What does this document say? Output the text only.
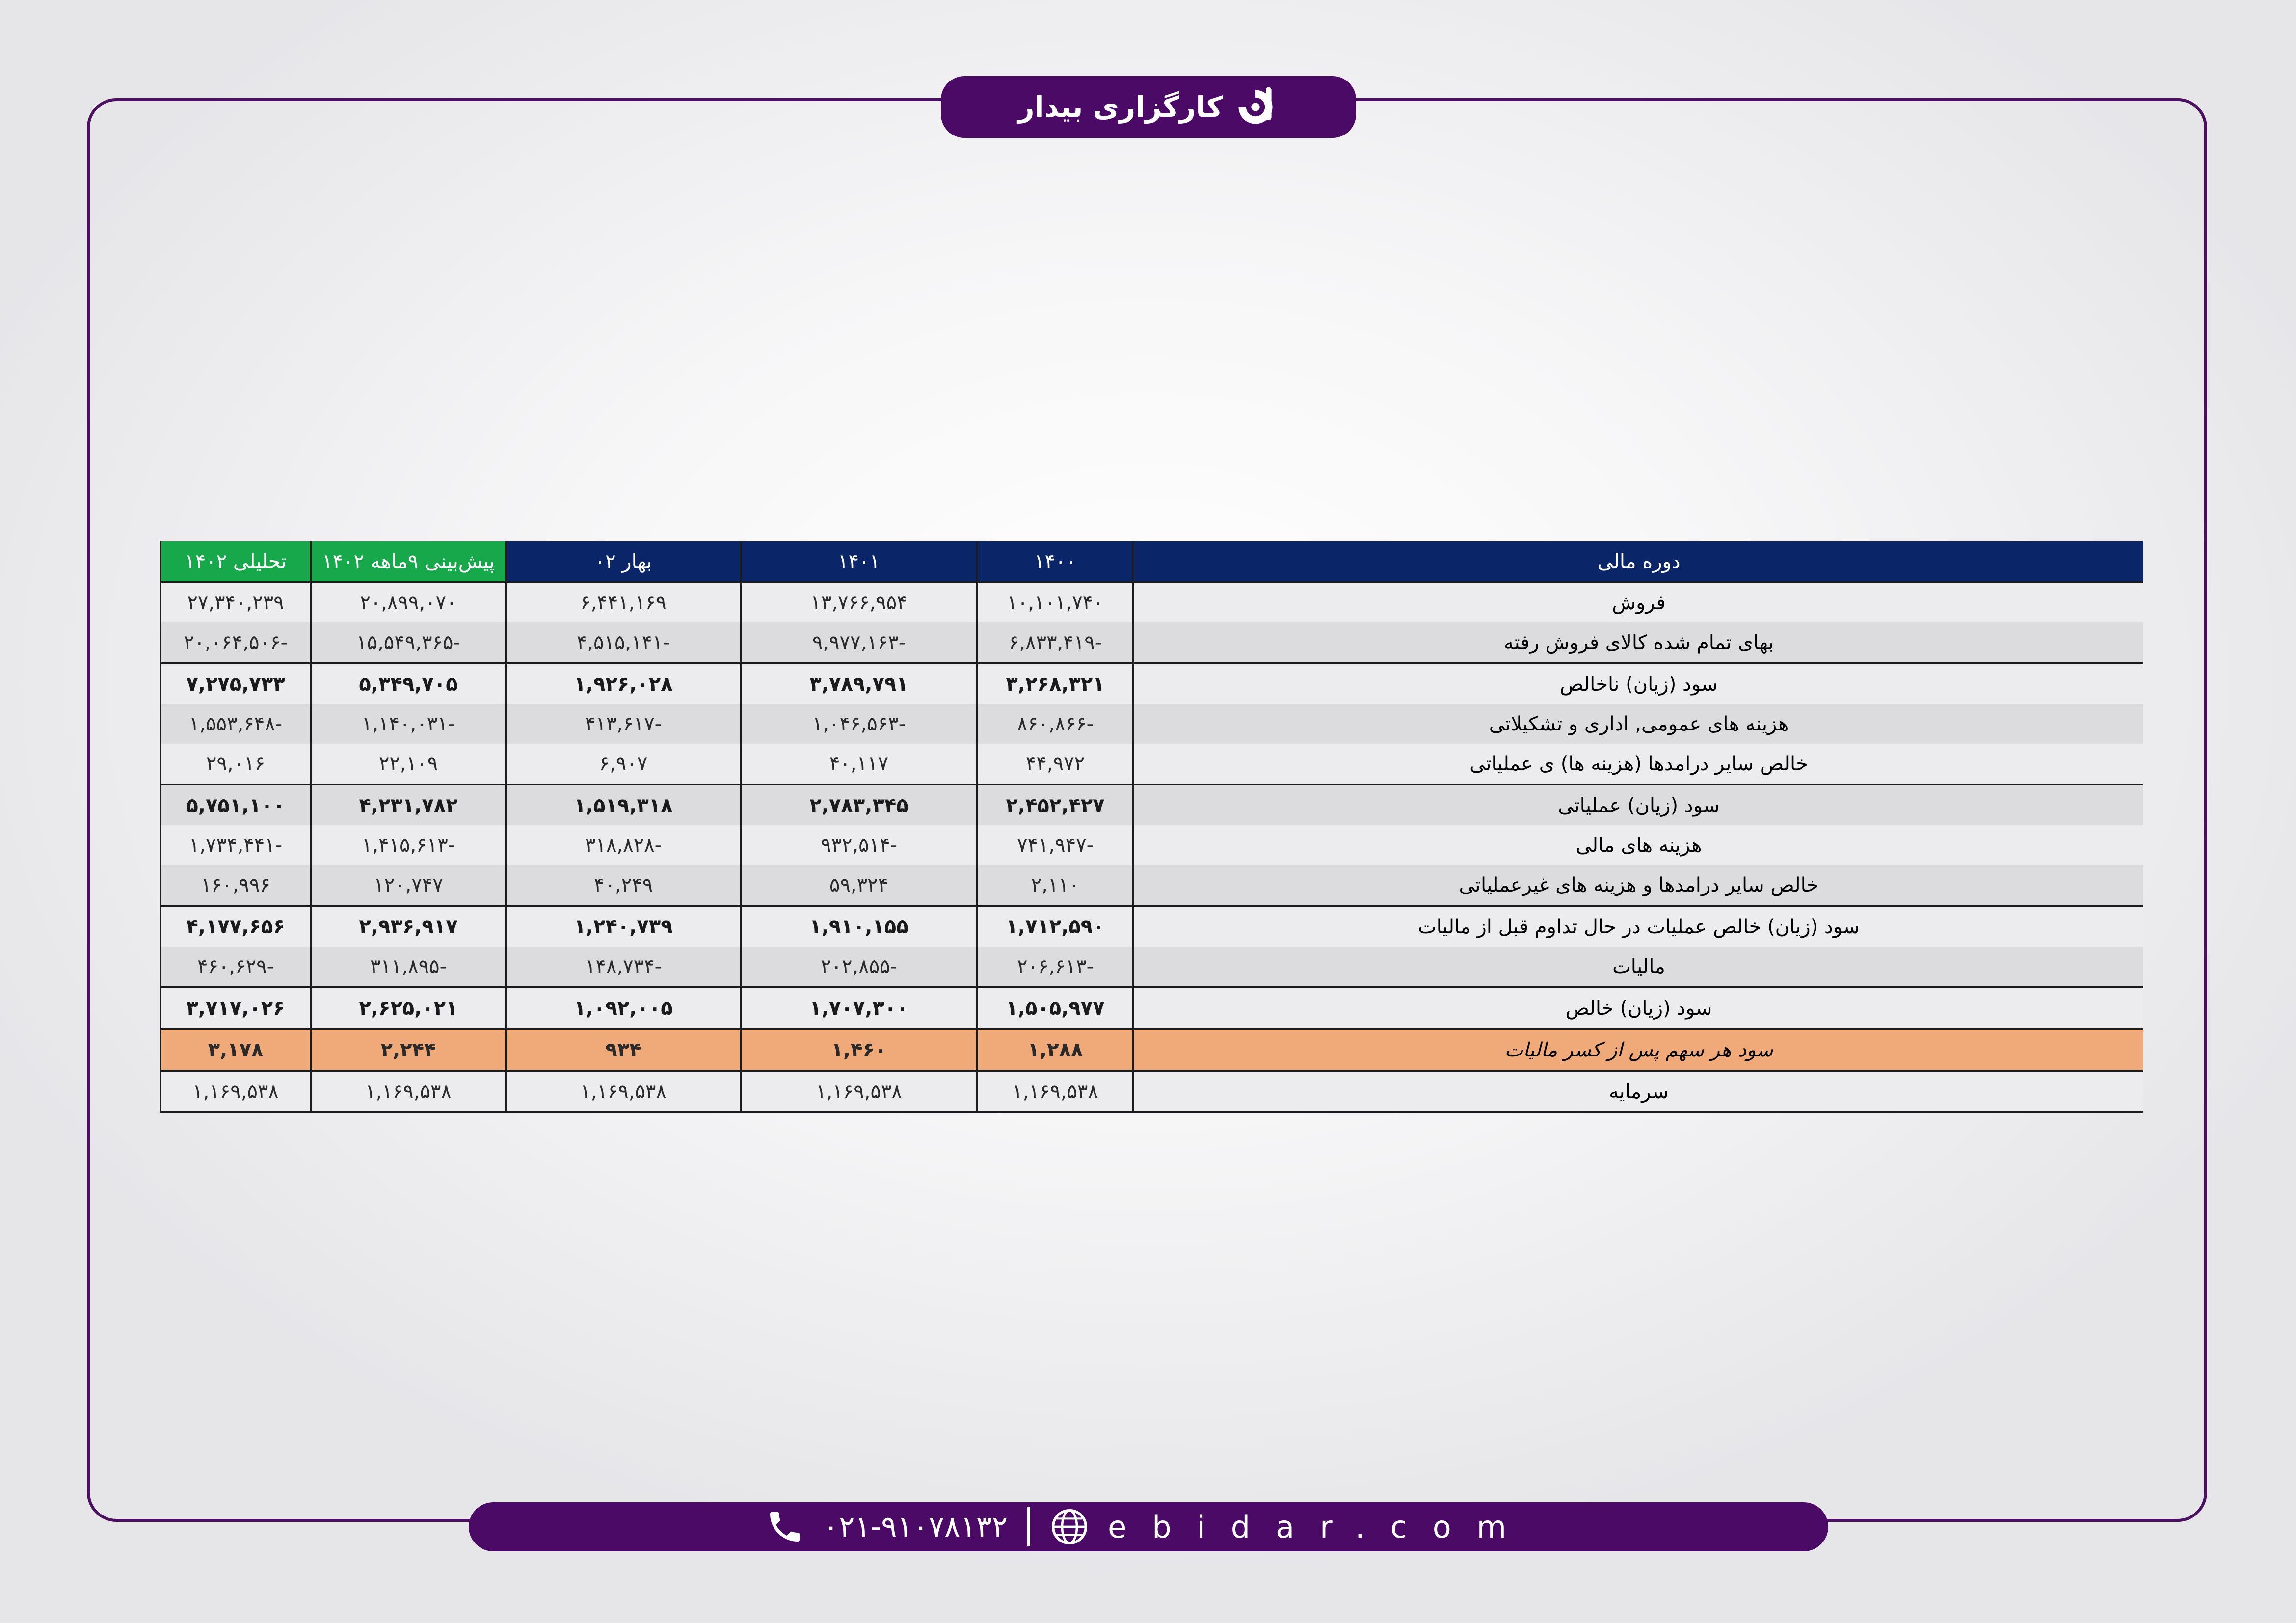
کارگزاری بیدار
دوره مالی	۱۴۰۰	۱۴۰۱	بهار ۰۲	پیش‌بینی ۹ماهه ۱۴۰۲	تحلیلی ۱۴۰۲
فروش	۱۰,۱۰۱,۷۴۰	۱۳,۷۶۶,۹۵۴	۶,۴۴۱,۱۶۹	۲۰,۸۹۹,۰۷۰	۲۷,۳۴۰,۲۳۹
بهای تمام شده کالای فروش رفته	-۶,۸۳۳,۴۱۹	-۹,۹۷۷,۱۶۳	-۴,۵۱۵,۱۴۱	-۱۵,۵۴۹,۳۶۵	-۲۰,۰۶۴,۵۰۶
سود (زیان) ناخالص	۳,۲۶۸,۳۲۱	۳,۷۸۹,۷۹۱	۱,۹۲۶,۰۲۸	۵,۳۴۹,۷۰۵	۷,۲۷۵,۷۳۳
هزینه های عمومی, اداری و تشکیلاتی	-۸۶۰,۸۶۶	-۱,۰۴۶,۵۶۳	-۴۱۳,۶۱۷	-۱,۱۴۰,۰۳۱	-۱,۵۵۳,۶۴۸
خالص سایر درامدها (هزینه ها) ی عملیاتی	۴۴,۹۷۲	۴۰,۱۱۷	۶,۹۰۷	۲۲,۱۰۹	۲۹,۰۱۶
سود (زیان) عملیاتی	۲,۴۵۲,۴۲۷	۲,۷۸۳,۳۴۵	۱,۵۱۹,۳۱۸	۴,۲۳۱,۷۸۲	۵,۷۵۱,۱۰۰
هزینه های مالی	-۷۴۱,۹۴۷	-۹۳۲,۵۱۴	-۳۱۸,۸۲۸	-۱,۴۱۵,۶۱۳	-۱,۷۳۴,۴۴۱
خالص سایر درامدها و هزینه های غیرعملیاتی	۲,۱۱۰	۵۹,۳۲۴	۴۰,۲۴۹	۱۲۰,۷۴۷	۱۶۰,۹۹۶
سود (زیان) خالص عملیات در حال تداوم قبل از مالیات	۱,۷۱۲,۵۹۰	۱,۹۱۰,۱۵۵	۱,۲۴۰,۷۳۹	۲,۹۳۶,۹۱۷	۴,۱۷۷,۶۵۶
مالیات	-۲۰۶,۶۱۳	-۲۰۲,۸۵۵	-۱۴۸,۷۳۴	-۳۱۱,۸۹۵	-۴۶۰,۶۲۹
سود (زیان) خالص	۱,۵۰۵,۹۷۷	۱,۷۰۷,۳۰۰	۱,۰۹۲,۰۰۵	۲,۶۲۵,۰۲۱	۳,۷۱۷,۰۲۶
سود هر سهم پس از کسر مالیات	۱,۲۸۸	۱,۴۶۰	۹۳۴	۲,۲۴۴	۳,۱۷۸
سرمایه	۱,۱۶۹,۵۳۸	۱,۱۶۹,۵۳۸	۱,۱۶۹,۵۳۸	۱,۱۶۹,۵۳۸	۱,۱۶۹,۵۳۸
۰۲۱-۹۱۰۷۸۱۳۲	ebidar.com
